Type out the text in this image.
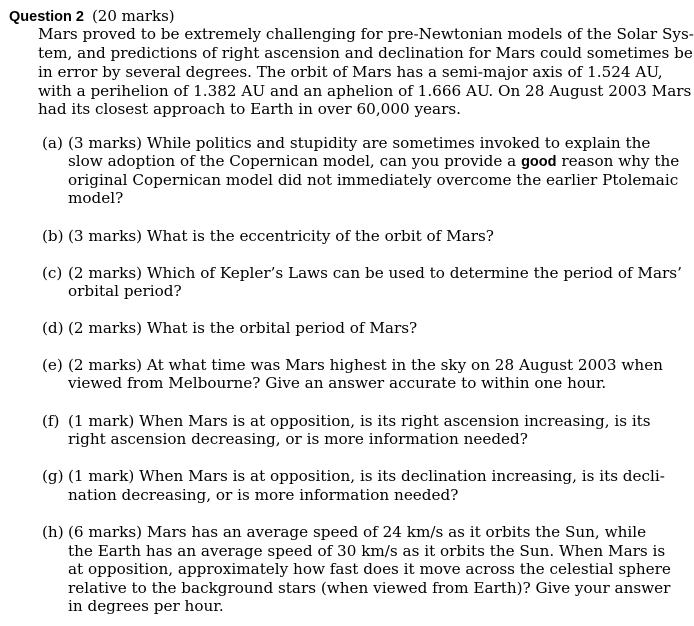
Question 2 (20 marks)
Mars proved to be extremely challenging for pre-Newtonian models of the Solar Sys-
tem, and predictions of right ascension and declination for Mars could sometimes be
in error by several degrees. The orbit of Mars has a semi-major axis of 1.524 AU,
with a perihelion of 1.382 AU and an aphelion of 1.666 AU. On 28 August 2003 Mars
had its closest approach to Earth in over 60,000 years.
(a) (3 marks) While politics and stupidity are sometimes invoked to explain the
slow adoption of the Copernican model, can you provide a good reason why the
original Copernican model did not immediately overcome the earlier Ptolemaic
model?
(b) (3 marks) What is the eccentricity of the orbit of Mars?
(c) (2 marks) Which of Kepler’s Laws can be used to determine the period of Mars’
orbital period?
(d) (2 marks) What is the orbital period of Mars?
(e) (2 marks) At what time was Mars highest in the sky on 28 August 2003 when
viewed from Melbourne? Give an answer accurate to within one hour.
(f) (1 mark) When Mars is at opposition, is its right ascension increasing, is its
right ascension decreasing, or is more information needed?
(g) (1 mark) When Mars is at opposition, is its declination increasing, is its decli-
nation decreasing, or is more information needed?
(h) (6 marks) Mars has an average speed of 24 km/s as it orbits the Sun, while
the Earth has an average speed of 30 km/s as it orbits the Sun. When Mars is
at opposition, approximately how fast does it move across the celestial sphere
relative to the background stars (when viewed from Earth)? Give your answer
in degrees per hour.
